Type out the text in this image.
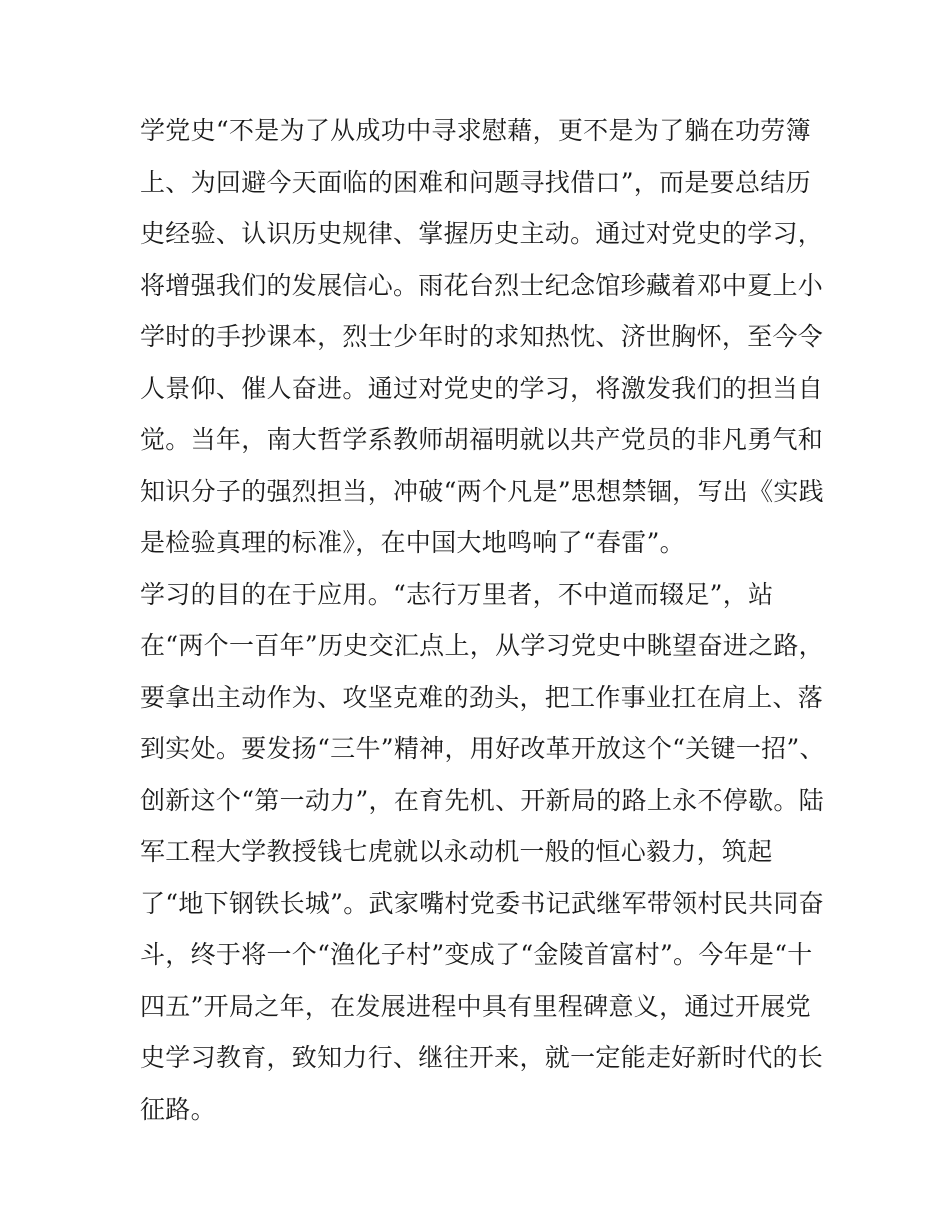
学党史“不是为了从成功中寻求慰藉，更不是为了躺在功劳簿
上、为回避今天面临的困难和问题寻找借口”，而是要总结历
史经验、认识历史规律、掌握历史主动。通过对党史的学习，
将增强我们的发展信心。雨花台烈士纪念馆珍藏着邓中夏上小
学时的手抄课本，烈士少年时的求知热忱、济世胸怀，至今令
人景仰、催人奋进。通过对党史的学习，将激发我们的担当自
觉。当年，南大哲学系教师胡福明就以共产党员的非凡勇气和
知识分子的强烈担当，冲破“两个凡是”思想禁锢，写出《实践
是检验真理的标准》，在中国大地鸣响了“春雷”。
学习的目的在于应用。“志行万里者，不中道而辍足”，站
在“两个一百年”历史交汇点上，从学习党史中眺望奋进之路，
要拿出主动作为、攻坚克难的劲头，把工作事业扛在肩上、落
到实处。要发扬“三牛”精神，用好改革开放这个“关键一招”、
创新这个“第一动力”，在育先机、开新局的路上永不停歇。陆
军工程大学教授钱七虎就以永动机一般的恒心毅力，筑起
了“地下钢铁长城”。武家嘴村党委书记武继军带领村民共同奋
斗，终于将一个“渔化子村”变成了“金陵首富村”。今年是“十
四五”开局之年，在发展进程中具有里程碑意义，通过开展党
史学习教育，致知力行、继往开来，就一定能走好新时代的长
征路。
